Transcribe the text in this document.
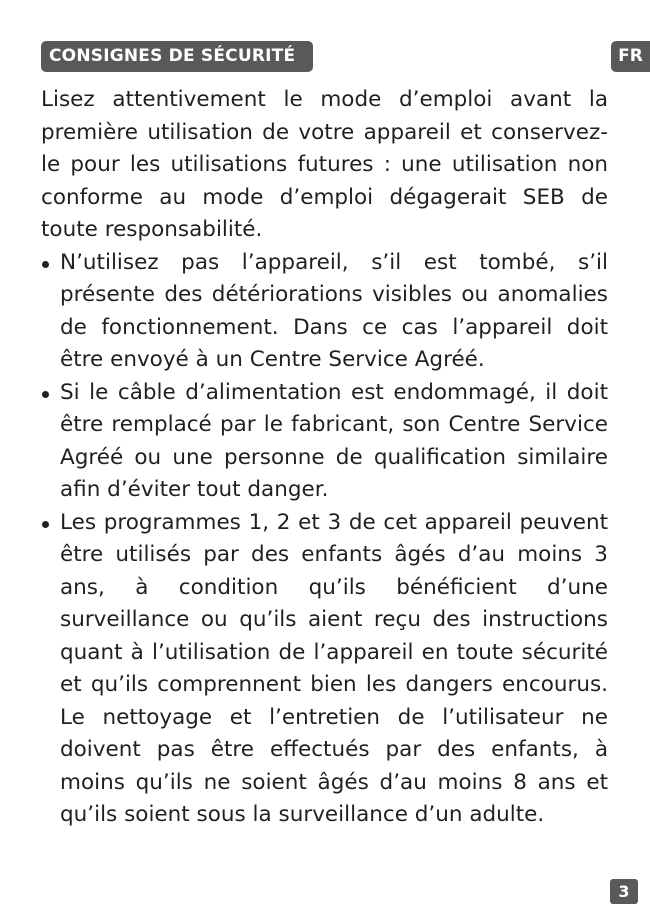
CONSIGNES DE SÉCURITÉ	FR

Lisez attentivement le mode d’emploi avant la première utilisation de votre appareil et conservez-le pour les utilisations futures : une utilisation non conforme au mode d’emploi dégagerait SEB de toute responsabilité.

N’utilisez pas l’appareil, s’il est tombé, s’il présente des détériorations visibles ou anomalies de fonctionnement. Dans ce cas l’appareil doit être envoyé à un Centre Service Agréé.
Si le câble d’alimentation est endommagé, il doit être remplacé par le fabricant, son Centre Service Agréé ou une personne de qualification similaire afin d’éviter tout danger.
Les programmes 1, 2 et 3 de cet appareil peuvent être utilisés par des enfants âgés d’au moins 3 ans, à condition qu’ils bénéficient d’une surveillance ou qu’ils aient reçu des instructions quant à l’utilisation de l’appareil en toute sécurité et qu’ils comprennent bien les dangers encourus. Le nettoyage et l’entretien de l’utilisateur ne doivent pas être effectués par des enfants, à moins qu’ils ne soient âgés d’au moins 8 ans et qu’ils soient sous la surveillance d’un adulte.
3
